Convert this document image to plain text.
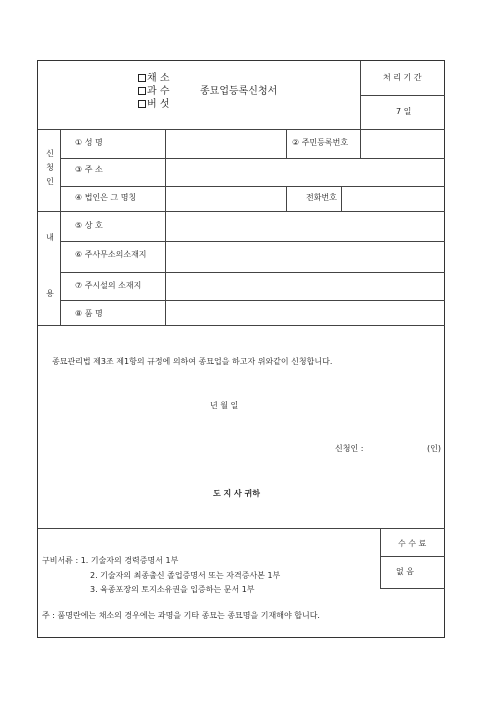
채 소
과 수
버 섯
종묘업등록신청서
처 리 기 간
7 일
신
청
인
① 성 명	② 주민등록번호
③ 주 소
④ 법인은 그 명칭	전화번호
내
용
⑤ 상 호
⑥ 주사무소의소재지
⑦ 주시설의 소재지
⑧ 품 명
종묘관리법 제3조 제1항의 규정에 의하여 종묘업을 하고자 위와같이 신청합니다.
년 월 일
신청인 :	(인)
도 지 사 귀하
수 수 료
없 음
구비서류 : 1. 기술자의 경력증명서 1부
2. 기술자의 최종출신 졸업증명서 또는 자격증사본 1부
3. 육종포장의 토지소유권을 입증하는 문서 1부
주 : 품명란에는 채소의 경우에는 과명을 기타 종묘는 종묘명을 기재해야 합니다.
